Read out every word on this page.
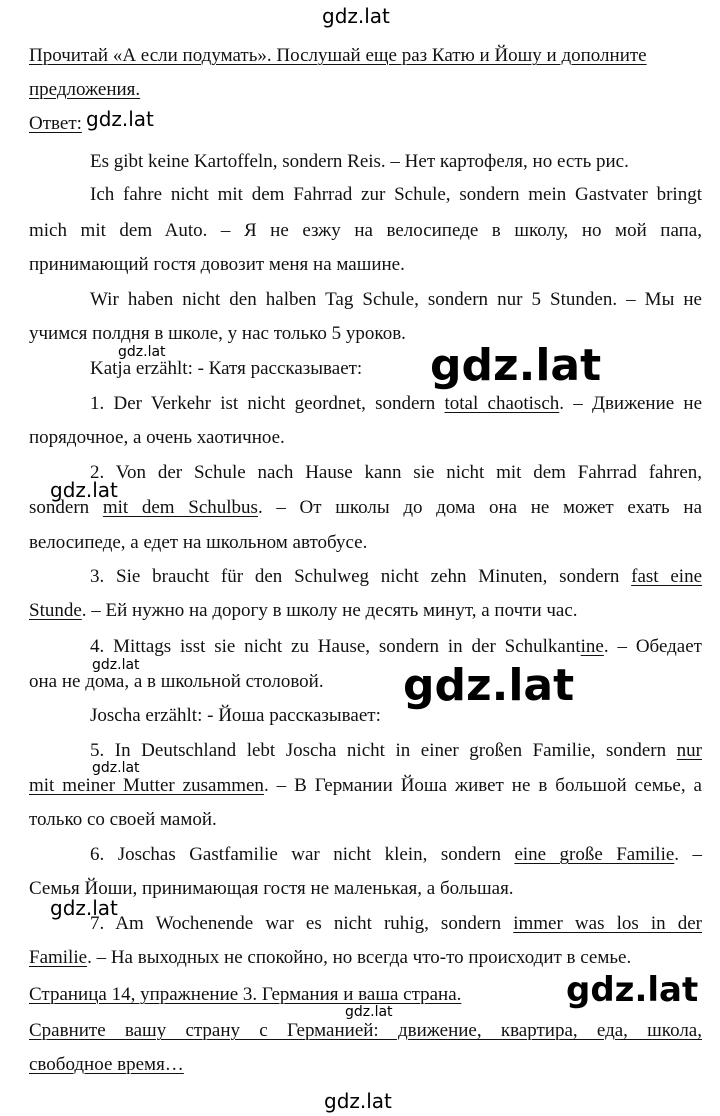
gdz.lat
Прочитай «А если подумать». Послушай еще раз Катю и Йошу и дополните
предложения.
Ответ: gdz.lat
Es gibt keine Kartoffeln, sondern Reis. – Нет картофеля, но есть рис.
Ich fahre nicht mit dem Fahrrad zur Schule, sondern mein Gastvater bringt
mich mit dem Auto. – Я не езжу на велосипеде в школу, но мой папа,
принимающий гостя довозит меня на машине.
Wir haben nicht den halben Tag Schule, sondern nur 5 Stunden. – Мы не
учимся полдня в школе, у нас только 5 уроков.
gdz.lat
Katja erzählt: - Катя рассказывает: gdz.lat
1. Der Verkehr ist nicht geordnet, sondern total chaotisch. – Движение не
порядочное, а очень хаотичное.
2. Von der Schule nach Hause kann sie nicht mit dem Fahrrad fahren,
gdz.lat
sondern mit dem Schulbus. – От школы до дома она не может ехать на
велосипеде, а едет на школьном автобусе.
3. Sie braucht für den Schulweg nicht zehn Minuten, sondern fast eine
Stunde. – Ей нужно на дорогу в школу не десять минут, а почти час.
4. Mittags isst sie nicht zu Hause, sondern in der Schulkantine. – Обедает
gdz.lat
она не дома, а в школьной столовой. gdz.lat
Joscha erzählt: - Йоша рассказывает:
5. In Deutschland lebt Joscha nicht in einer großen Familie, sondern nur
gdz.lat
mit meiner Mutter zusammen. – В Германии Йоша живет не в большой семье, а
только со своей мамой.
6. Joschas Gastfamilie war nicht klein, sondern eine große Familie. –
Семья Йоши, принимающая гостя не маленькая, а большая.
gdz.lat
7. Am Wochenende war es nicht ruhig, sondern immer was los in der
Familie. – На выходных не спокойно, но всегда что-то происходит в семье.
Страница 14, упражнение 3. Германия и ваша страна.	gdz.lat
gdz.lat
Сравните вашу страну с Германией: движение, квартира, еда, школа,
свободное время…
gdz.lat
